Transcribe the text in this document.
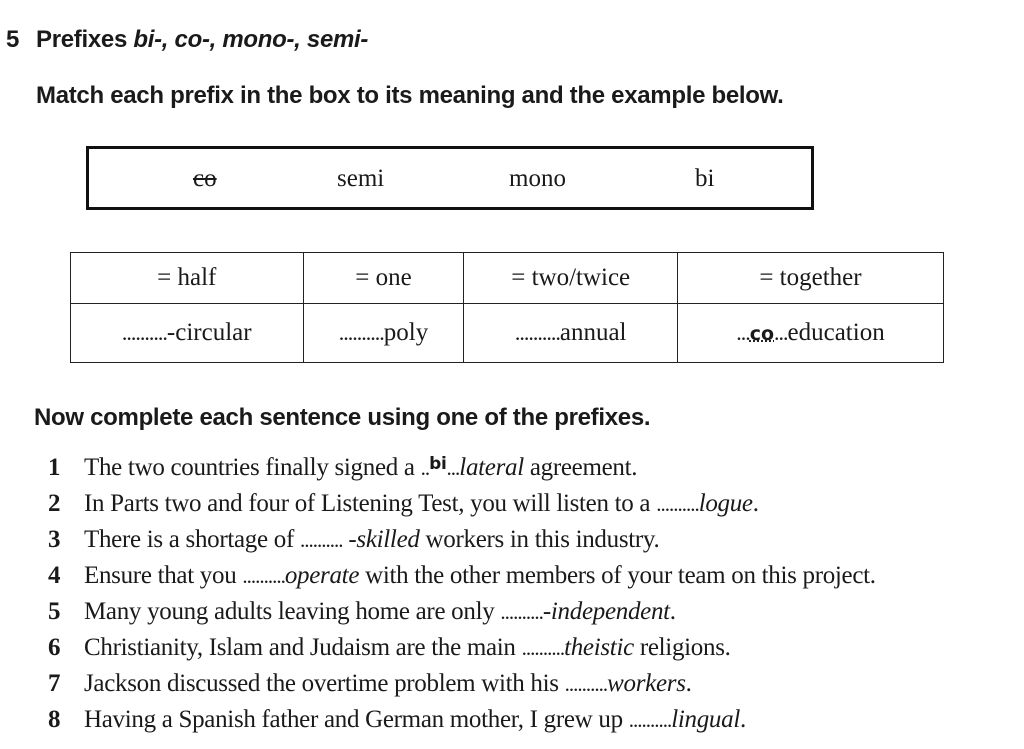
5 Prefixes bi-, co-, mono-, semi-
Match each prefix in the box to its meaning and the example below.
co	semi	mono	bi
= half	= one	= two/twice	= together
..........-circular	..........poly	..........annual	...co...education
Now complete each sentence using one of the prefixes.
1 The two countries finally signed a ..$^{bi}$...lateral agreement.
2 In Parts two and four of Listening Test, you will listen to a ..........logue.
3 There is a shortage of .......... -skilled workers in this industry.
4 Ensure that you ..........operate with the other members of your team on this project.
5 Many young adults leaving home are only ..........-independent.
6 Christianity, Islam and Judaism are the main ..........theistic religions.
7 Jackson discussed the overtime problem with his ..........workers.
8 Having a Spanish father and German mother, I grew up ..........lingual.
